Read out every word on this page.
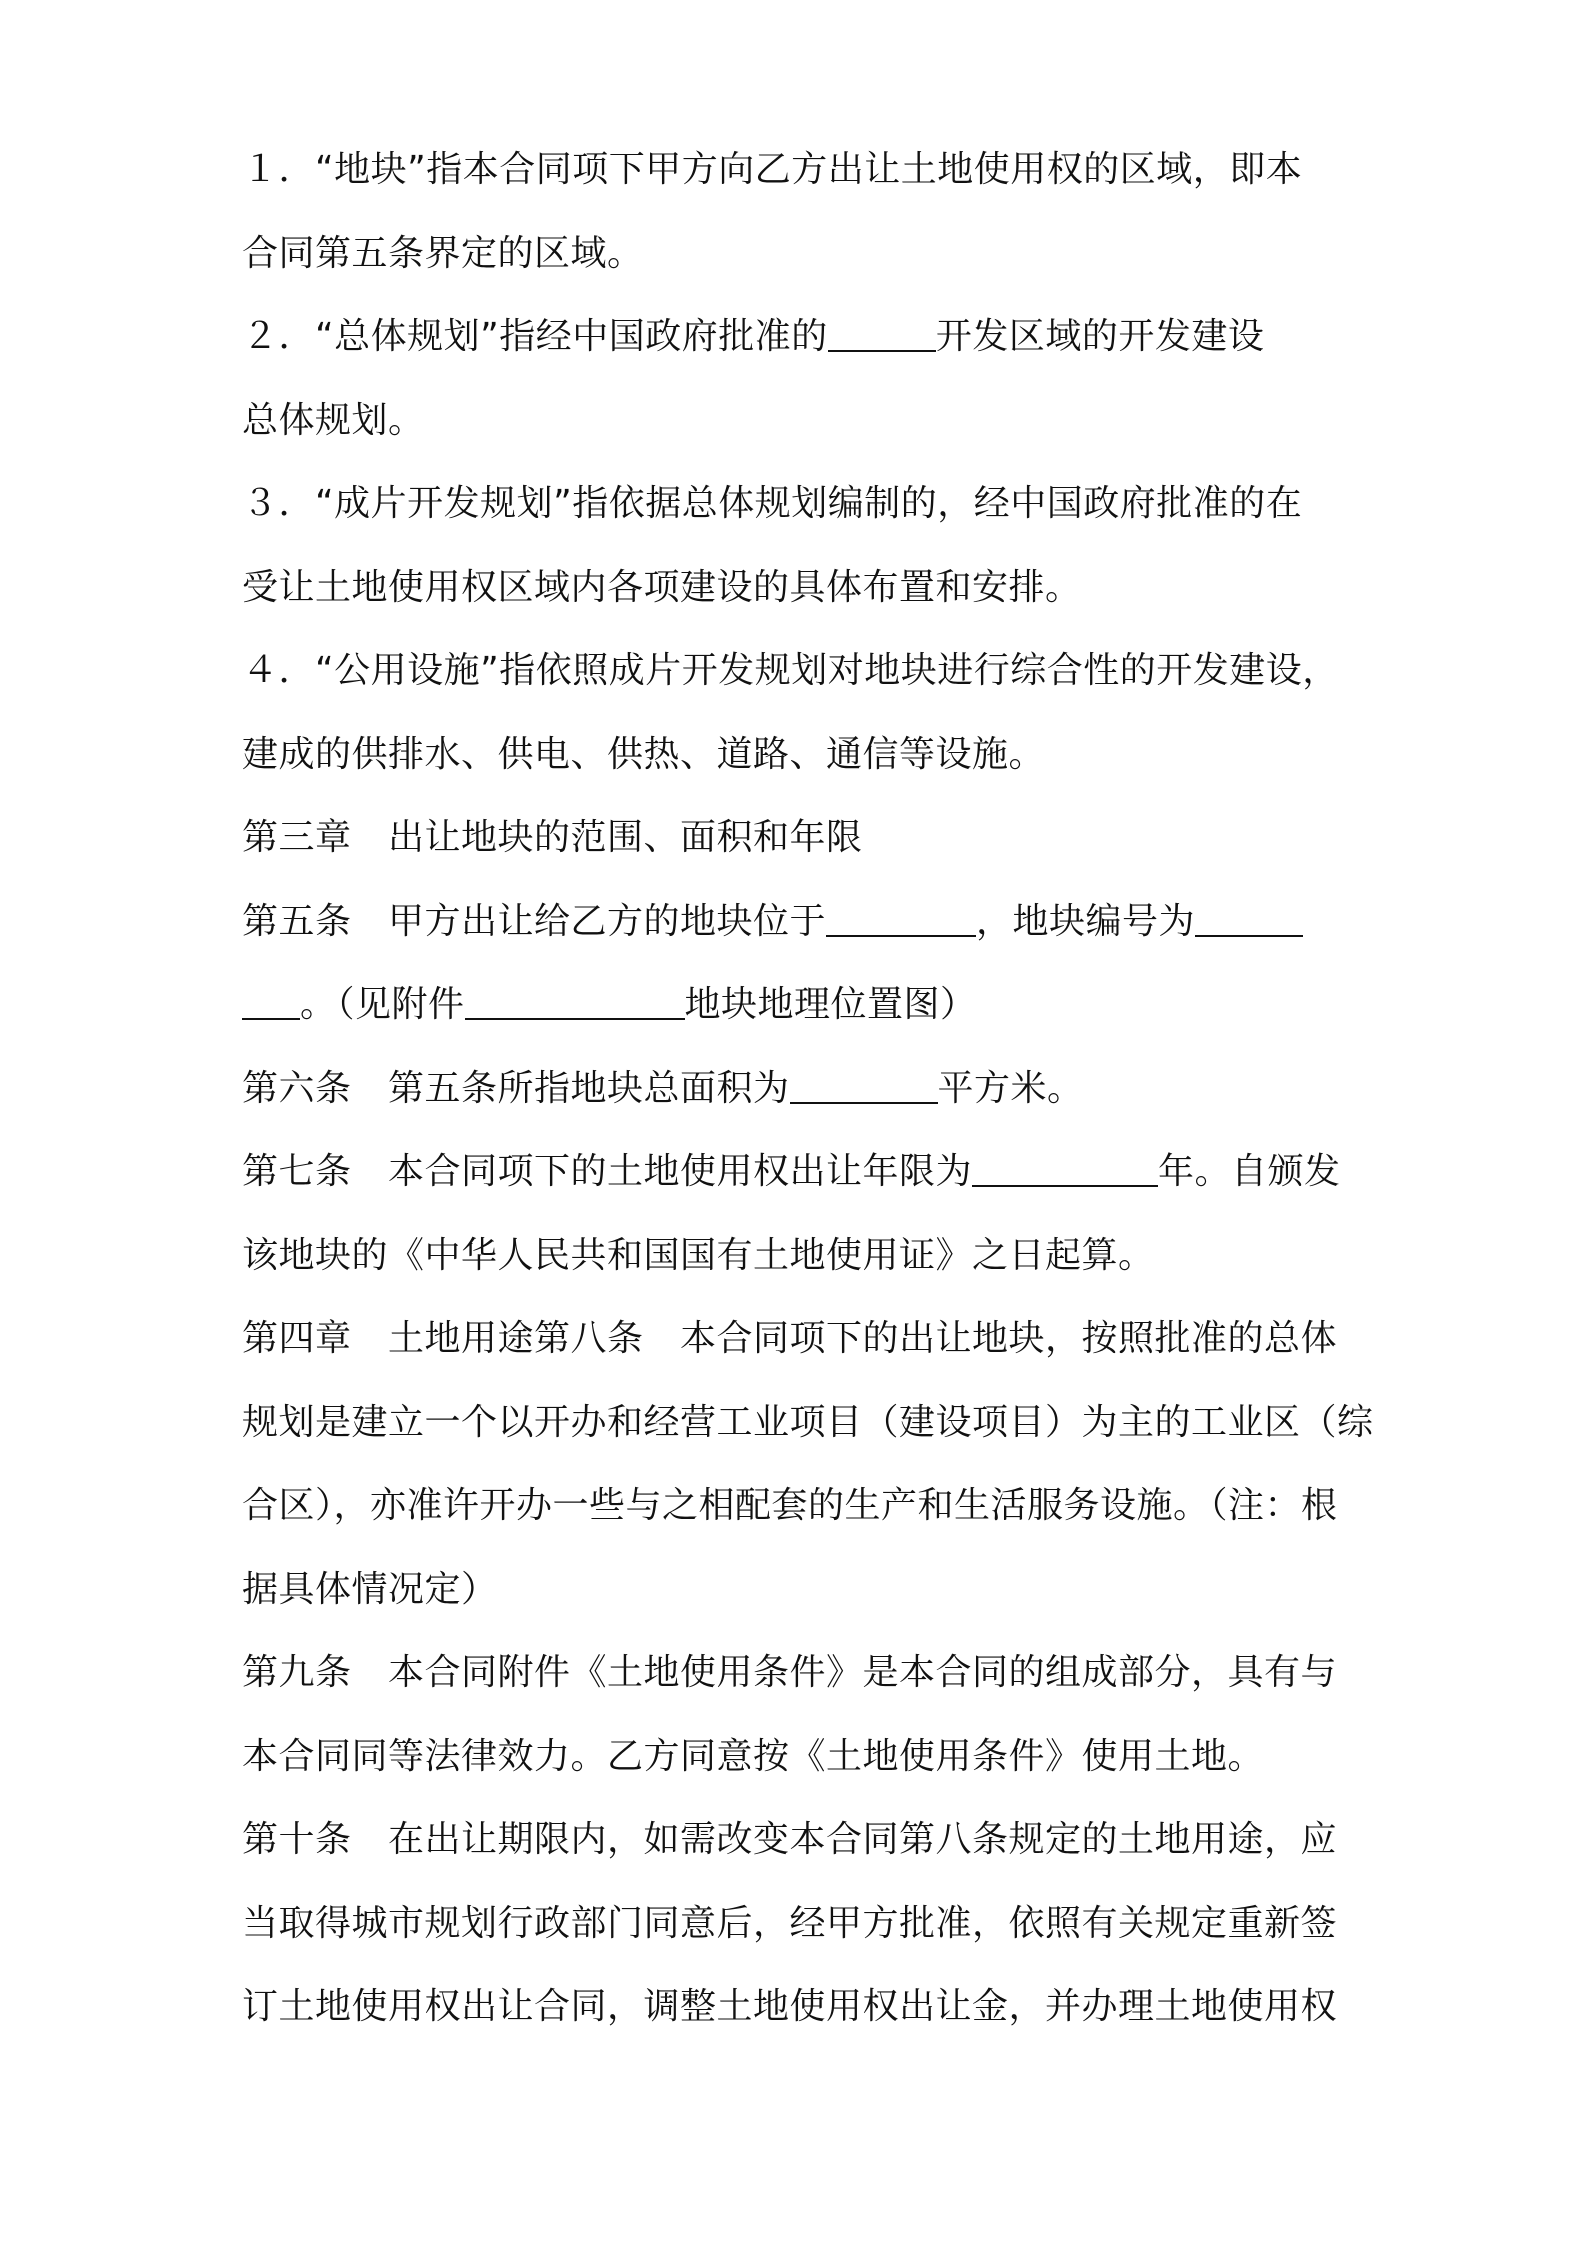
１．“地块”指本合同项下甲方向乙方出让土地使用权的区域，即本
合同第五条界定的区域。
２．“总体规划”指经中国政府批准的	开发区域的开发建设
总体规划。
３．“成片开发规划”指依据总体规划编制的，经中国政府批准的在
受让土地使用权区域内各项建设的具体布置和安排。
４．“公用设施”指依照成片开发规划对地块进行综合性的开发建设，
建成的供排水、供电、供热、道路、通信等设施。
第三章　出让地块的范围、面积和年限
第五条　甲方出让给乙方的地块位于	，地块编号为
。（见附件	地块地理位置图）
第六条　第五条所指地块总面积为	平方米。
第七条　本合同项下的土地使用权出让年限为	年。自颁发
该地块的《中华人民共和国国有土地使用证》之日起算。
第四章　土地用途第八条　本合同项下的出让地块，按照批准的总体
规划是建立一个以开办和经营工业项目（建设项目）为主的工业区（综
合区），亦准许开办一些与之相配套的生产和生活服务设施。（注：根
据具体情况定）
第九条　本合同附件《土地使用条件》是本合同的组成部分，具有与
本合同同等法律效力。乙方同意按《土地使用条件》使用土地。
第十条　在出让期限内，如需改变本合同第八条规定的土地用途，应
当取得城市规划行政部门同意后，经甲方批准，依照有关规定重新签
订土地使用权出让合同，调整土地使用权出让金，并办理土地使用权
